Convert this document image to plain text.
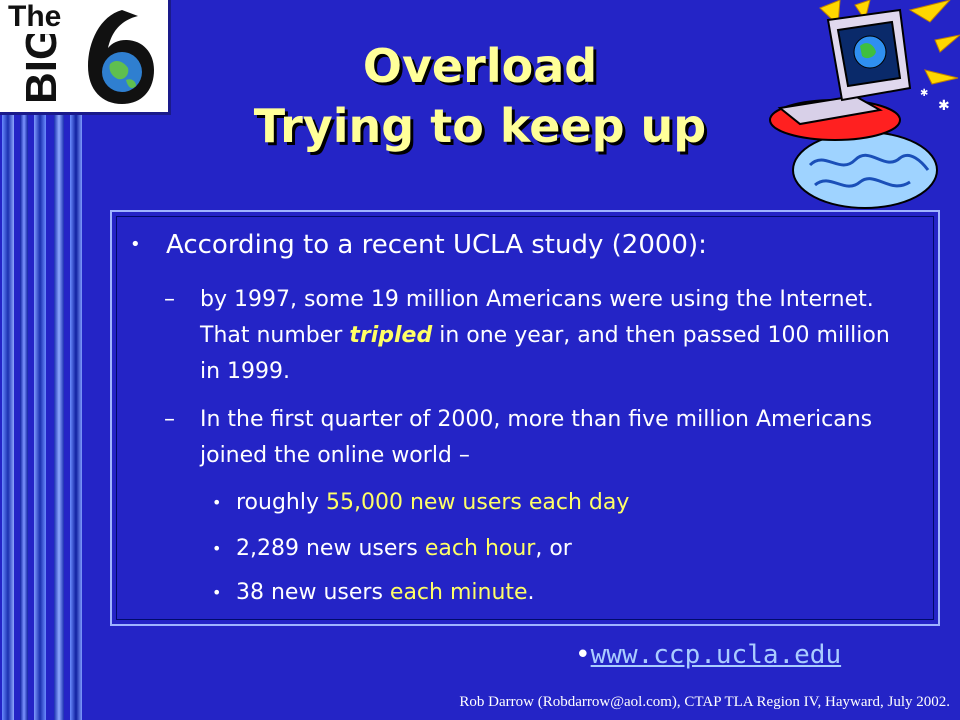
The
BIG	Overload
Trying to keep up	✱
✱
• According to a recent UCLA study (2000):
– by 1997, some 19 million Americans were using the Internet. That number tripled in one year, and then passed 100 million in 1999.
– In the first quarter of 2000, more than five million Americans joined the online world –
• roughly 55,000 new users each day
• 2,289 new users each hour, or
• 38 new users each minute.
•www.ccp.ucla.edu
Rob Darrow (Robdarrow@aol.com), CTAP TLA Region IV, Hayward, July 2002.
